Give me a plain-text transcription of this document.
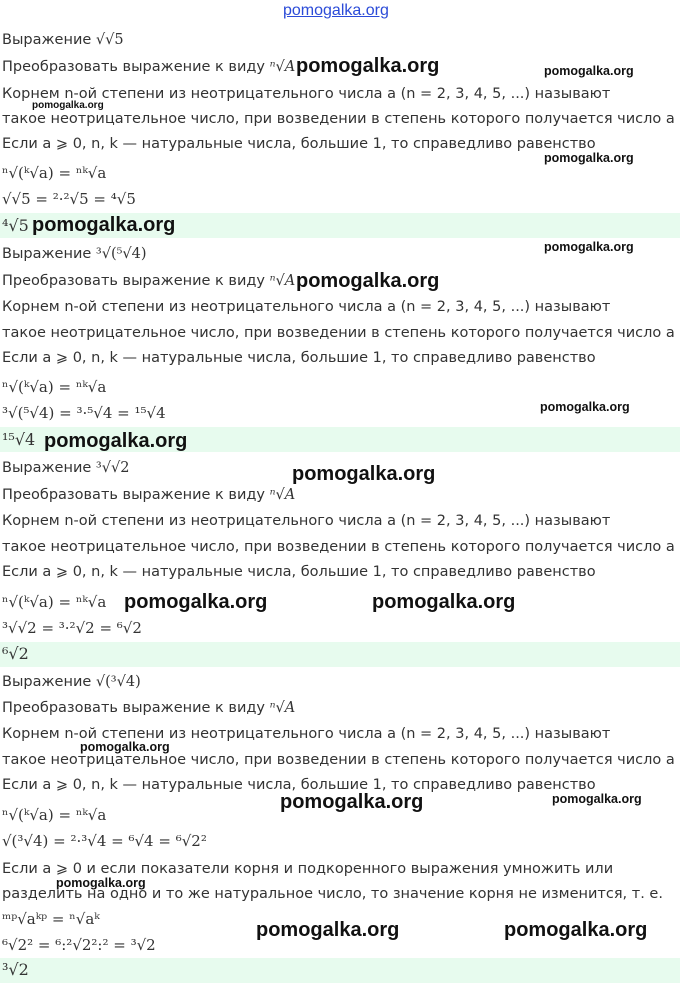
pomogalka.org
Выражение √√5
Преобразовать выражение к виду ⁿ√A
Корнем n-ой степени из неотрицательного числа a (n = 2, 3, 4, 5, ...) называют
такое неотрицательное число, при возведении в степень которого получается число a
Если a ⩾ 0, n, k — натуральные числа, большие 1, то справедливо равенство
ⁿ√(ᵏ√a) = ⁿᵏ√a
√√5 = ²·²√5 = ⁴√5
⁴√5
Выражение ³√(⁵√4)
Преобразовать выражение к виду ⁿ√A
Корнем n-ой степени из неотрицательного числа a (n = 2, 3, 4, 5, ...) называют
такое неотрицательное число, при возведении в степень которого получается число a
Если a ⩾ 0, n, k — натуральные числа, большие 1, то справедливо равенство
ⁿ√(ᵏ√a) = ⁿᵏ√a
³√(⁵√4) = ³·⁵√4 = ¹⁵√4
¹⁵√4
Выражение ³√√2
Преобразовать выражение к виду ⁿ√A
Корнем n-ой степени из неотрицательного числа a (n = 2, 3, 4, 5, ...) называют
такое неотрицательное число, при возведении в степень которого получается число a
Если a ⩾ 0, n, k — натуральные числа, большие 1, то справедливо равенство
ⁿ√(ᵏ√a) = ⁿᵏ√a
³√√2 = ³·²√2 = ⁶√2
⁶√2
Выражение √(³√4)
Преобразовать выражение к виду ⁿ√A
Корнем n-ой степени из неотрицательного числа a (n = 2, 3, 4, 5, ...) называют
такое неотрицательное число, при возведении в степень которого получается число a
Если a ⩾ 0, n, k — натуральные числа, большие 1, то справедливо равенство
ⁿ√(ᵏ√a) = ⁿᵏ√a
√(³√4) = ²·³√4 = ⁶√4 = ⁶√2²
Если a ⩾ 0 и если показатели корня и подкоренного выражения умножить или
разделить на одно и то же натуральное число, то значение корня не изменится, т. е.
ᵐᵖ√aᵏᵖ = ⁿ√aᵏ
⁶√2² = ⁶:²√2²:² = ³√2
³√2
pomogalka.org	pomogalka.org
pomogalka.org
pomogalka.org
pomogalka.org
pomogalka.org
pomogalka.org
pomogalka.org
pomogalka.org
pomogalka.org
pomogalka.org	pomogalka.org
pomogalka.org
pomogalka.org	pomogalka.org
pomogalka.org
pomogalka.org	pomogalka.org
